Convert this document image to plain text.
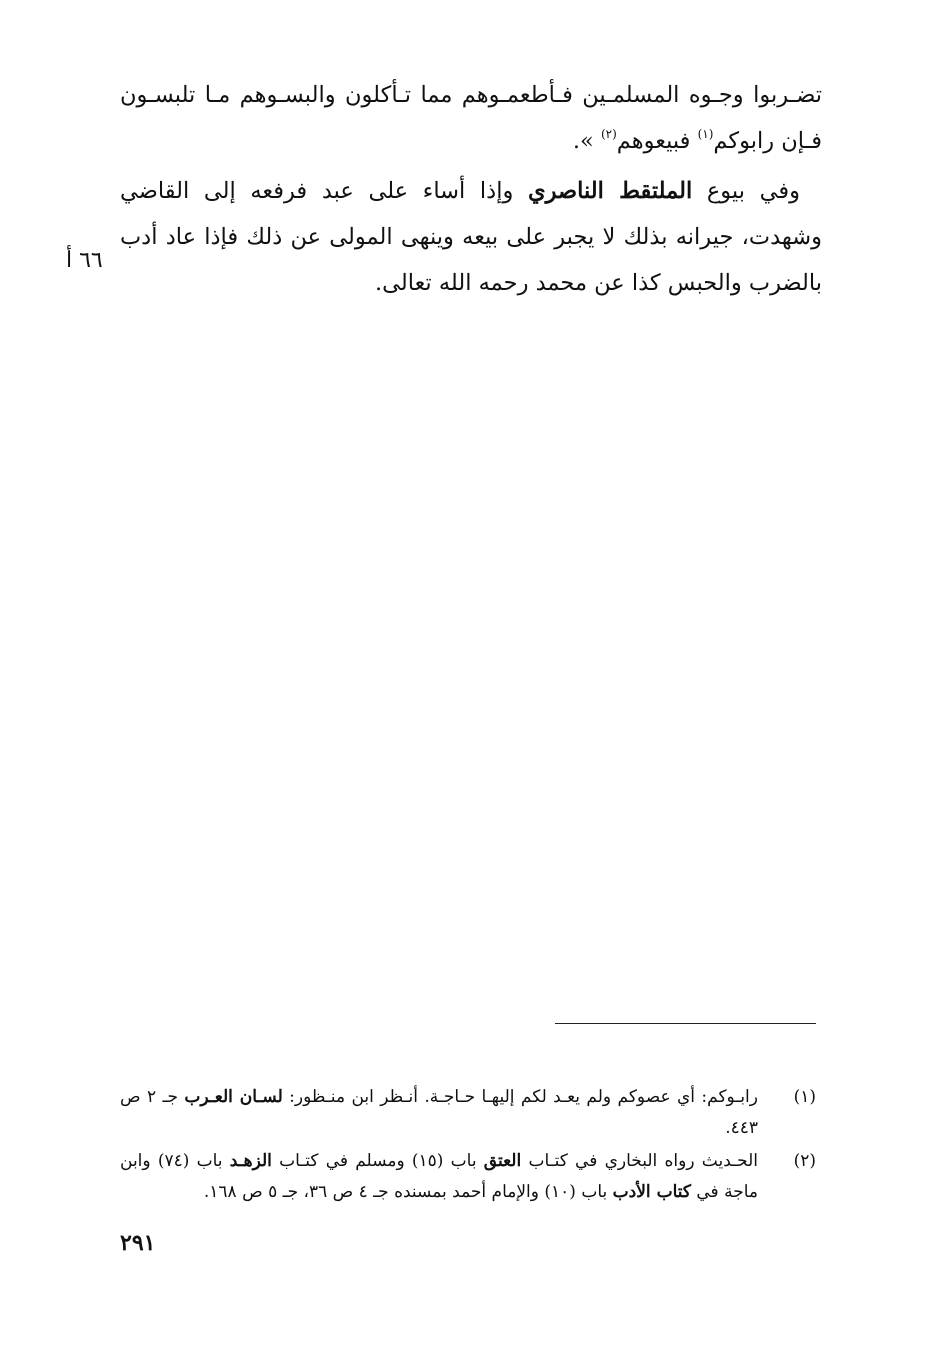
تضـربوا وجـوه المسلمـين فـأطعمـوهم مما تـأكلون والبسـوهم مـا تلبسـون فـإن رابوكم$^{(١)}$ فبيعوهم$^{(٢)}$ ».

وفي بيوع الملتقط الناصري وإذا أساء على عبد فرفعه إلى القاضي وشهدت، جيرانه بذلك لا يجبر على بيعه وينهى المولى عن ذلك فإذا عاد أدب بالضرب والحبس كذا عن محمد رحمه الله تعالى.

٦٦ أ
(١)
رابـوكم: أي عصوكم ولم يعـد لكم إليهـا حـاجـة. أنـظر ابن منـظور: لسـان العـرب جـ ٢ ص ٤٤٣.
(٢)
الحـديث رواه البخاري في كتـاب العتق باب (١٥) ومسلم في كتـاب الزهـد باب (٧٤) وابن ماجة في كتاب الأدب باب (١٠) والإمام أحمد بمسنده جـ ٤ ص ٣٦، جـ ٥ ص ١٦٨.
٢٩١
